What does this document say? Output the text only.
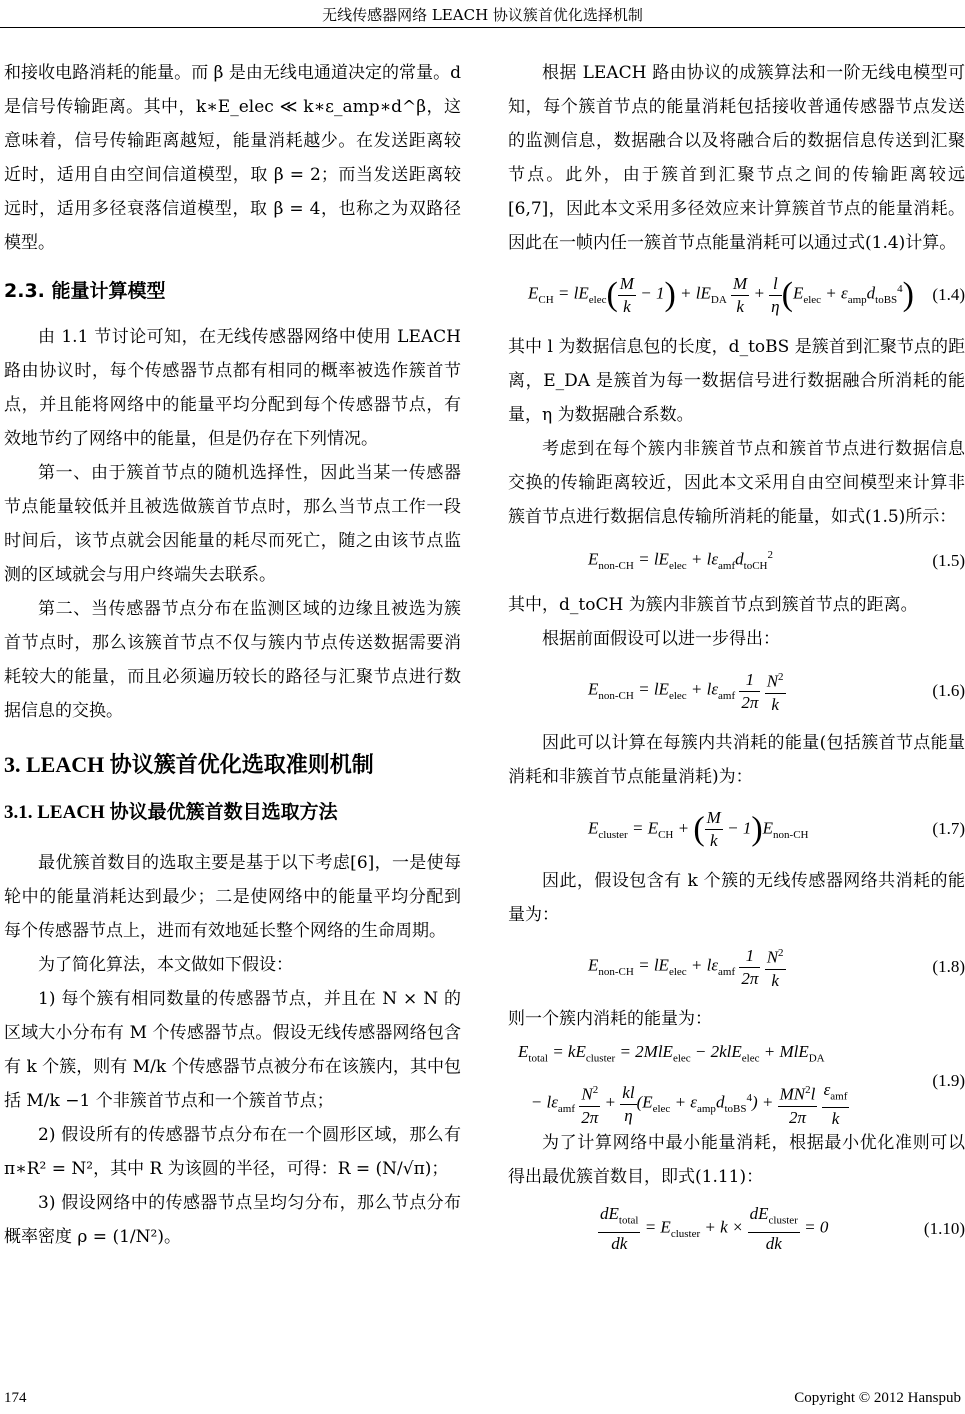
无线传感器网络 LEACH 协议簇首优化选择机制

和接收电路消耗的能量。而 β 是由无线电通道决定的常量。d 是信号传输距离。其中，k∗E_elec ≪ k∗ε_amp∗d^β，这意味着，信号传输距离越短，能量消耗越少。在发送距离较近时，适用自由空间信道模型，取 β = 2；而当发送距离较远时，适用多径衰落信道模型，取 β = 4，也称之为双路径模型。

2.3. 能量计算模型

由 1.1 节讨论可知，在无线传感器网络中使用 LEACH 路由协议时，每个传感器节点都有相同的概率被选作簇首节点，并且能将网络中的能量平均分配到每个传感器节点，有效地节约了网络中的能量，但是仍存在下列情况。

第一、由于簇首节点的随机选择性，因此当某一传感器节点能量较低并且被选做簇首节点时，那么当节点工作一段时间后，该节点就会因能量的耗尽而死亡，随之由该节点监测的区域就会与用户终端失去联系。

第二、当传感器节点分布在监测区域的边缘且被选为簇首节点时，那么该簇首节点不仅与簇内节点传送数据需要消耗较大的能量，而且必须遍历较长的路径与汇聚节点进行数据信息的交换。

3. LEACH 协议簇首优化选取准则机制
3.1. LEACH 协议最优簇首数目选取方法

最优簇首数目的选取主要是基于以下考虑[6]，一是使每轮中的能量消耗达到最少；二是使网络中的能量平均分配到每个传感器节点上，进而有效地延长整个网络的生命周期。

为了简化算法，本文做如下假设：

1) 每个簇有相同数量的传感器节点，并且在 N × N 的区域大小分布有 M 个传感器节点。假设无线传感器网络包含有 k 个簇，则有 M/k 个传感器节点被分布在该簇内，其中包括 M/k −1 个非簇首节点和一个簇首节点；

2) 假设所有的传感器节点分布在一个圆形区域，那么有 π∗R² = N²，其中 R 为该圆的半径，可得：R = (N/√π)；

3) 假设网络中的传感器节点呈均匀分布，那么节点分布概率密度 ρ = (1/N²)。

根据 LEACH 路由协议的成簇算法和一阶无线电模型可知，每个簇首节点的能量消耗包括接收普通传感器节点发送的监测信息，数据融合以及将融合后的数据信息传送到汇聚节点。此外，由于簇首到汇聚节点之间的传输距离较远[6,7]，因此本文采用多径效应来计算簇首节点的能量消耗。因此在一帧内任一簇首节点能量消耗可以通过式(1.4)计算。

$E_{CH} = lE_{elec}( \frac{M}{k} - 1) + lE_{DA} \frac{M}{k} + \frac{l}{\eta} (E_{elec} + \varepsilon_{amp}d_{toBS}^4)$	(1.4)

其中 l 为数据信息包的长度，d_toBS 是簇首到汇聚节点的距离，E_DA 是簇首为每一数据信号进行数据融合所消耗的能量，η 为数据融合系数。

考虑到在每个簇内非簇首节点和簇首节点进行数据信息交换的传输距离较近，因此本文采用自由空间模型来计算非簇首节点进行数据信息传输所消耗的能量，如式(1.5)所示：

$E_{non-CH} = lE_{elec} + l\varepsilon_{amf}d_{toCH}^2$	(1.5)

其中，d_toCH 为簇内非簇首节点到簇首节点的距离。

根据前面假设可以进一步得出：

$E_{non-CH} = lE_{elec} + l\varepsilon_{amf} \frac{1}{2\pi}$
$\frac{N^2}{k}$	(1.6)

因此可以计算在每簇内共消耗的能量(包括簇首节点能量消耗和非簇首节点能量消耗)为：

$E_{cluster} = E_{CH}$ + ( $\frac{M}{k} - 1)E_{non-CH}$	(1.7)

因此，假设包含有 k 个簇的无线传感器网络共消耗的能量为：

$E_{non-CH} = lE_{elec} + l\varepsilon_{amf} \frac{1}{2\pi}$
$\frac{N^2}{k}$	(1.8)

则一个簇内消耗的能量为：

$E_{total} = kE_{cluster} = 2MlE_{elec} - 2klE_{elec} + MlE_{DA}$
− $l\varepsilon_{amf} \frac{N^2}{2\pi} + \frac{kl}{\eta} (E_{elec} + \varepsilon_{amp}d_{toBS}^4) + \frac{MN^2l}{2\pi}$
$\frac{\varepsilon_{amf}}{k}$	(1.9)

为了计算网络中最小能量消耗，根据最小优化准则可以得出最优簇首数目，即式(1.11)：

$\frac{dE_{total}}{dk} = E_{cluster} + k \times \frac{dE_{cluster}}{dk} = 0$	(1.10)
174	Copyright © 2012 Hanspub
